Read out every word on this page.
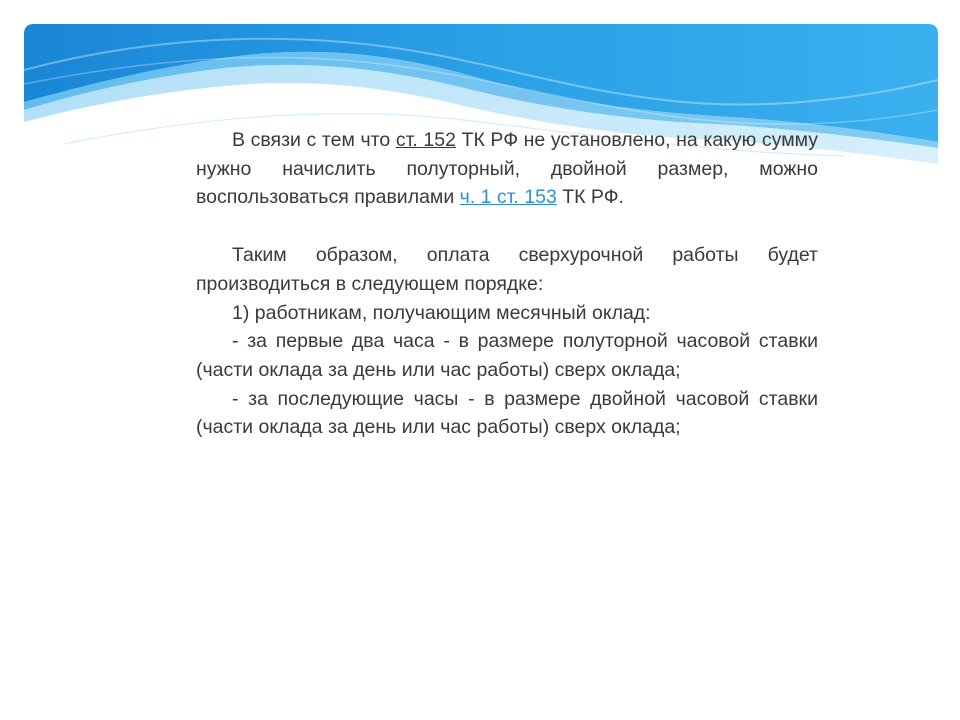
В связи с тем что ст. 152 ТК РФ не установлено, на какую сумму нужно начислить полуторный, двойной размер, можно воспользоваться правилами ч. 1 ст. 153 ТК РФ.

Таким образом, оплата сверхурочной работы будет производиться в следующем порядке:

1) работникам, получающим месячный оклад:

- за первые два часа - в размере полуторной часовой ставки (части оклада за день или час работы) сверх оклада;

- за последующие часы - в размере двойной часовой ставки (части оклада за день или час работы) сверх оклада;
